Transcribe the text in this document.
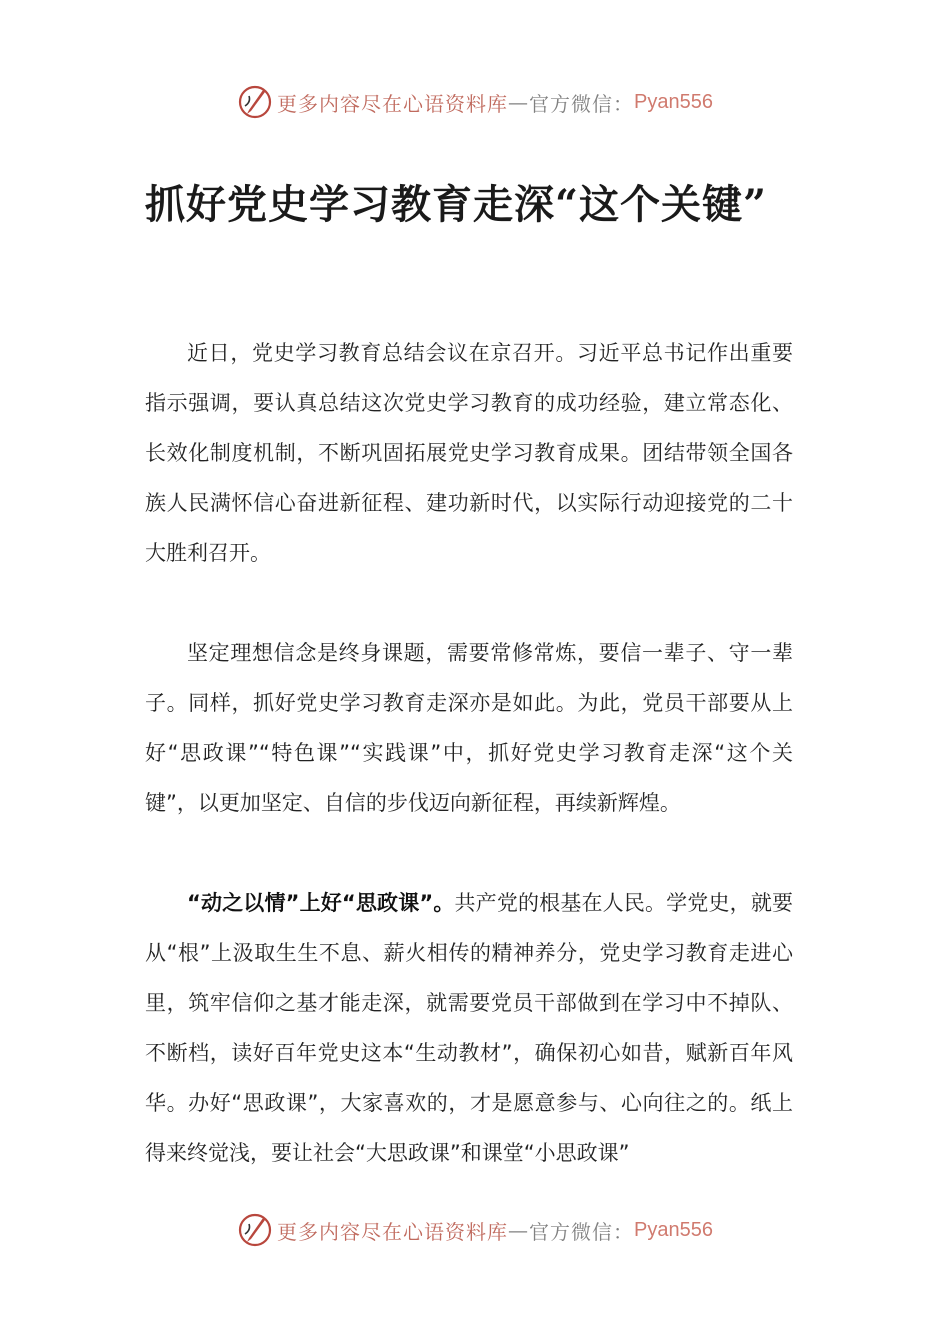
更多内容尽在心语资料库 — 官方微信： Pyan556
抓好党史学习教育走深“这个关键”

近日，党史学习教育总结会议在京召开。习近平总书记作出重要指示强调，要认真总结这次党史学习教育的成功经验，建立常态化、长效化制度机制，不断巩固拓展党史学习教育成果。团结带领全国各族人民满怀信心奋进新征程、建功新时代，以实际行动迎接党的二十大胜利召开。

坚定理想信念是终身课题，需要常修常炼，要信一辈子、守一辈子。同样，抓好党史学习教育走深亦是如此。为此，党员干部要从上好“思政课”“特色课”“实践课”中，抓好党史学习教育走深“这个关键”，以更加坚定、自信的步伐迈向新征程，再续新辉煌。

“动之以情”上好“思政课”。共产党的根基在人民。学党史，就要从“根”上汲取生生不息、薪火相传的精神养分，党史学习教育走进心里，筑牢信仰之基才能走深，就需要党员干部做到在学习中不掉队、不断档，读好百年党史这本“生动教材”，确保初心如昔，赋新百年风华。办好“思政课”，大家喜欢的，才是愿意参与、心向往之的。纸上得来终觉浅，要让社会“大思政课”和课堂“小思政课”

更多内容尽在心语资料库 — 官方微信： Pyan556
